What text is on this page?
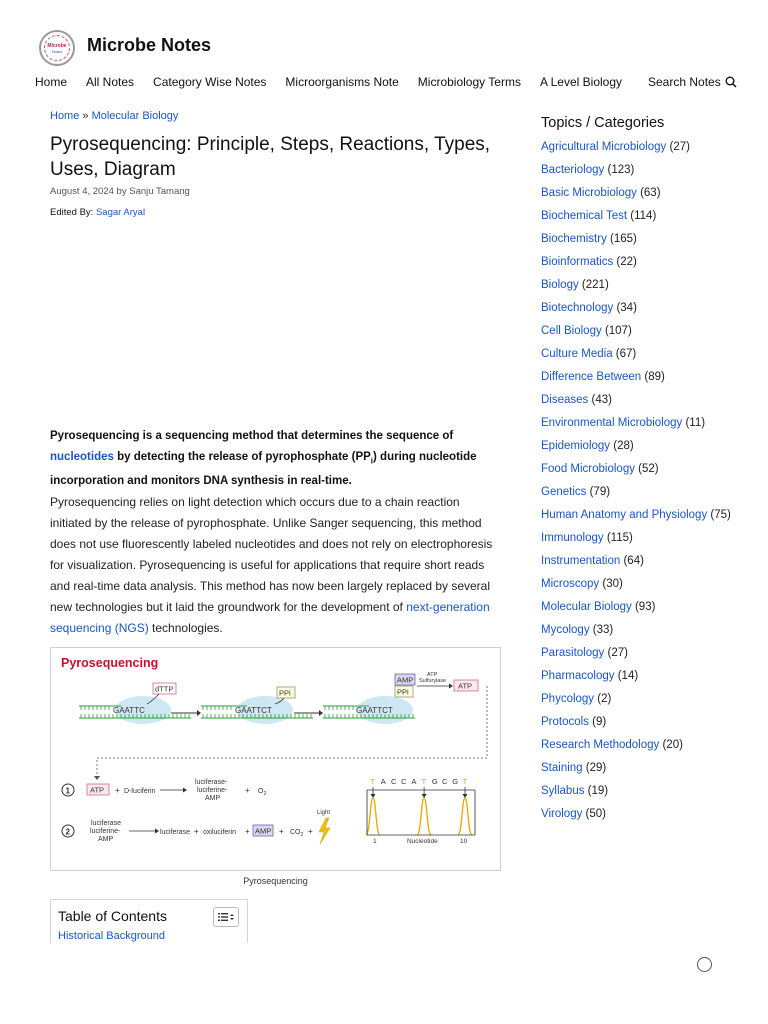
Microbe
Notes Microbe Notes
Home All Notes Category Wise Notes Microorganisms Note Microbiology Terms A Level Biology Search Notes
Home » Molecular Biology
Pyrosequencing: Principle, Steps, Reactions, Types, Uses, Diagram
August 4, 2024 by Sanju Tamang
Edited By: Sagar Aryal

Pyrosequencing is a sequencing method that determines the sequence of nucleotides by detecting the release of pyrophosphate $(PP_i)$ during nucleotide incorporation and monitors DNA synthesis in real-time.

Pyrosequencing relies on light detection which occurs due to a chain reaction initiated by the release of pyrophosphate. Unlike Sanger sequencing, this method does not use fluorescently labeled nucleotides and does not rely on electrophoresis for visualization. Pyrosequencing is useful for applications that require short reads and real-time data analysis. This method has now been largely replaced by several new technologies but it laid the groundwork for the development of next-generation sequencing (NGS) technologies.

Pyrosequencing
GAATTC
dTTP
GAATTCT
PPi
GAATTCT
AMP
PPi
ATP Sulfurylase
ATP
1	ATP + D-luciferin
luciferase-luciferine-AMP
+ $O_2$
2
luciferase luciferine-AMP
luciferase + oxiluciferin + AMP + $CO_2$ +
Light
T A C C A T G C G T
1	Nucleotide	10
Pyrosequencing
Table of Contents
Historical Background
Topics / Categories
Agricultural Microbiology (27)
Bacteriology (123)
Basic Microbiology (63)
Biochemical Test (114)
Biochemistry (165)
Bioinformatics (22)
Biology (221)
Biotechnology (34)
Cell Biology (107)
Culture Media (67)
Difference Between (89)
Diseases (43)
Environmental Microbiology (11)
Epidemiology (28)
Food Microbiology (52)
Genetics (79)
Human Anatomy and Physiology (75)
Immunology (115)
Instrumentation (64)
Microscopy (30)
Molecular Biology (93)
Mycology (33)
Parasitology (27)
Pharmacology (14)
Phycology (2)
Protocols (9)
Research Methodology (20)
Staining (29)
Syllabus (19)
Virology (50)
